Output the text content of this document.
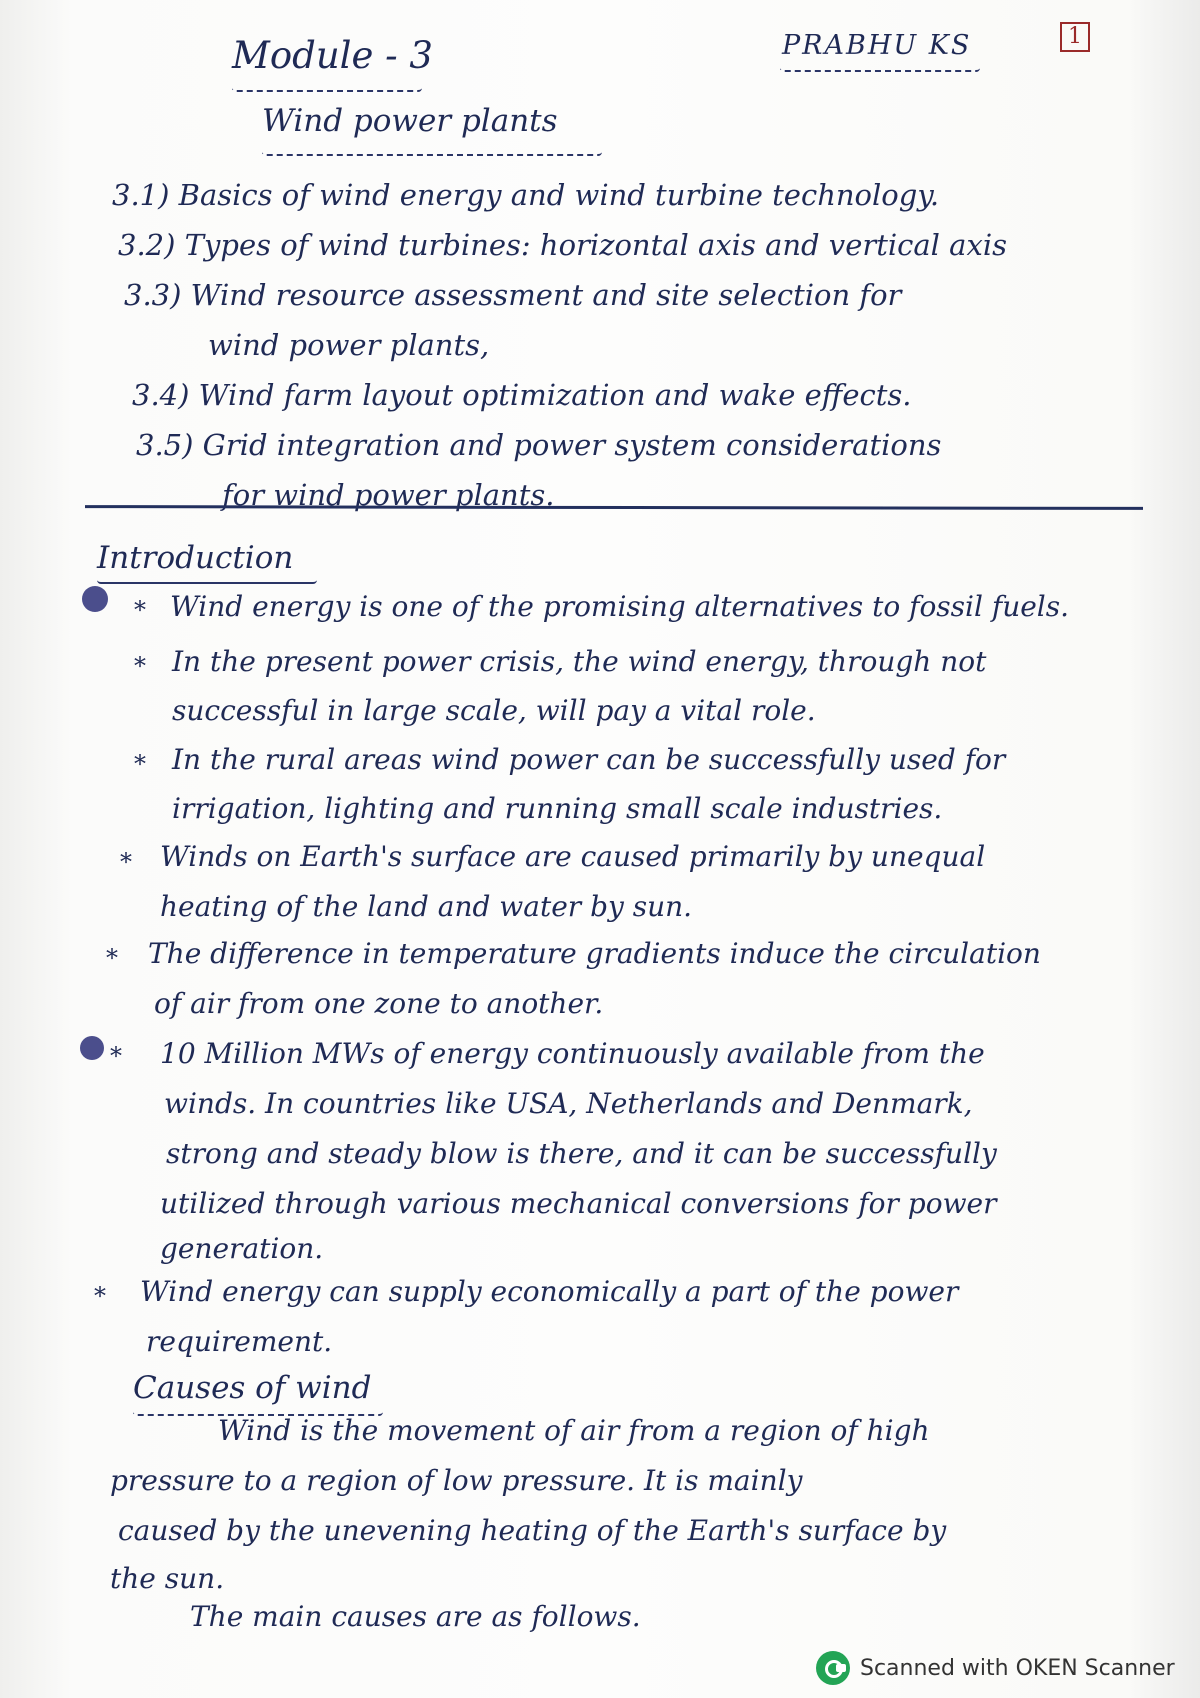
Module - 3	PRABHU KS	1
Wind power plants
3.1) Basics of wind energy and wind turbine technology.
3.2) Types of wind turbines: horizontal axis and vertical axis
3.3) Wind resource assessment and site selection for
wind power plants,
3.4) Wind farm layout optimization and wake effects.
3.5) Grid integration and power system considerations
for wind power plants.
Introduction
* Wind energy is one of the promising alternatives to fossil fuels.
* In the present power crisis, the wind energy, through not
successful in large scale, will pay a vital role.
* In the rural areas wind power can be successfully used for
irrigation, lighting and running small scale industries.
* Winds on Earth's surface are caused primarily by unequal
heating of the land and water by sun.
* The difference in temperature gradients induce the circulation
of air from one zone to another.
* 10 Million MWs of energy continuously available from the
winds. In countries like USA, Netherlands and Denmark,
strong and steady blow is there, and it can be successfully
utilized through various mechanical conversions for power
generation.
* Wind energy can supply economically a part of the power
requirement.
Causes of wind
Wind is the movement of air from a region of high
pressure to a region of low pressure. It is mainly
caused by the unevening heating of the Earth's surface by
the sun.
The main causes are as follows.
Scanned with OKEN Scanner
